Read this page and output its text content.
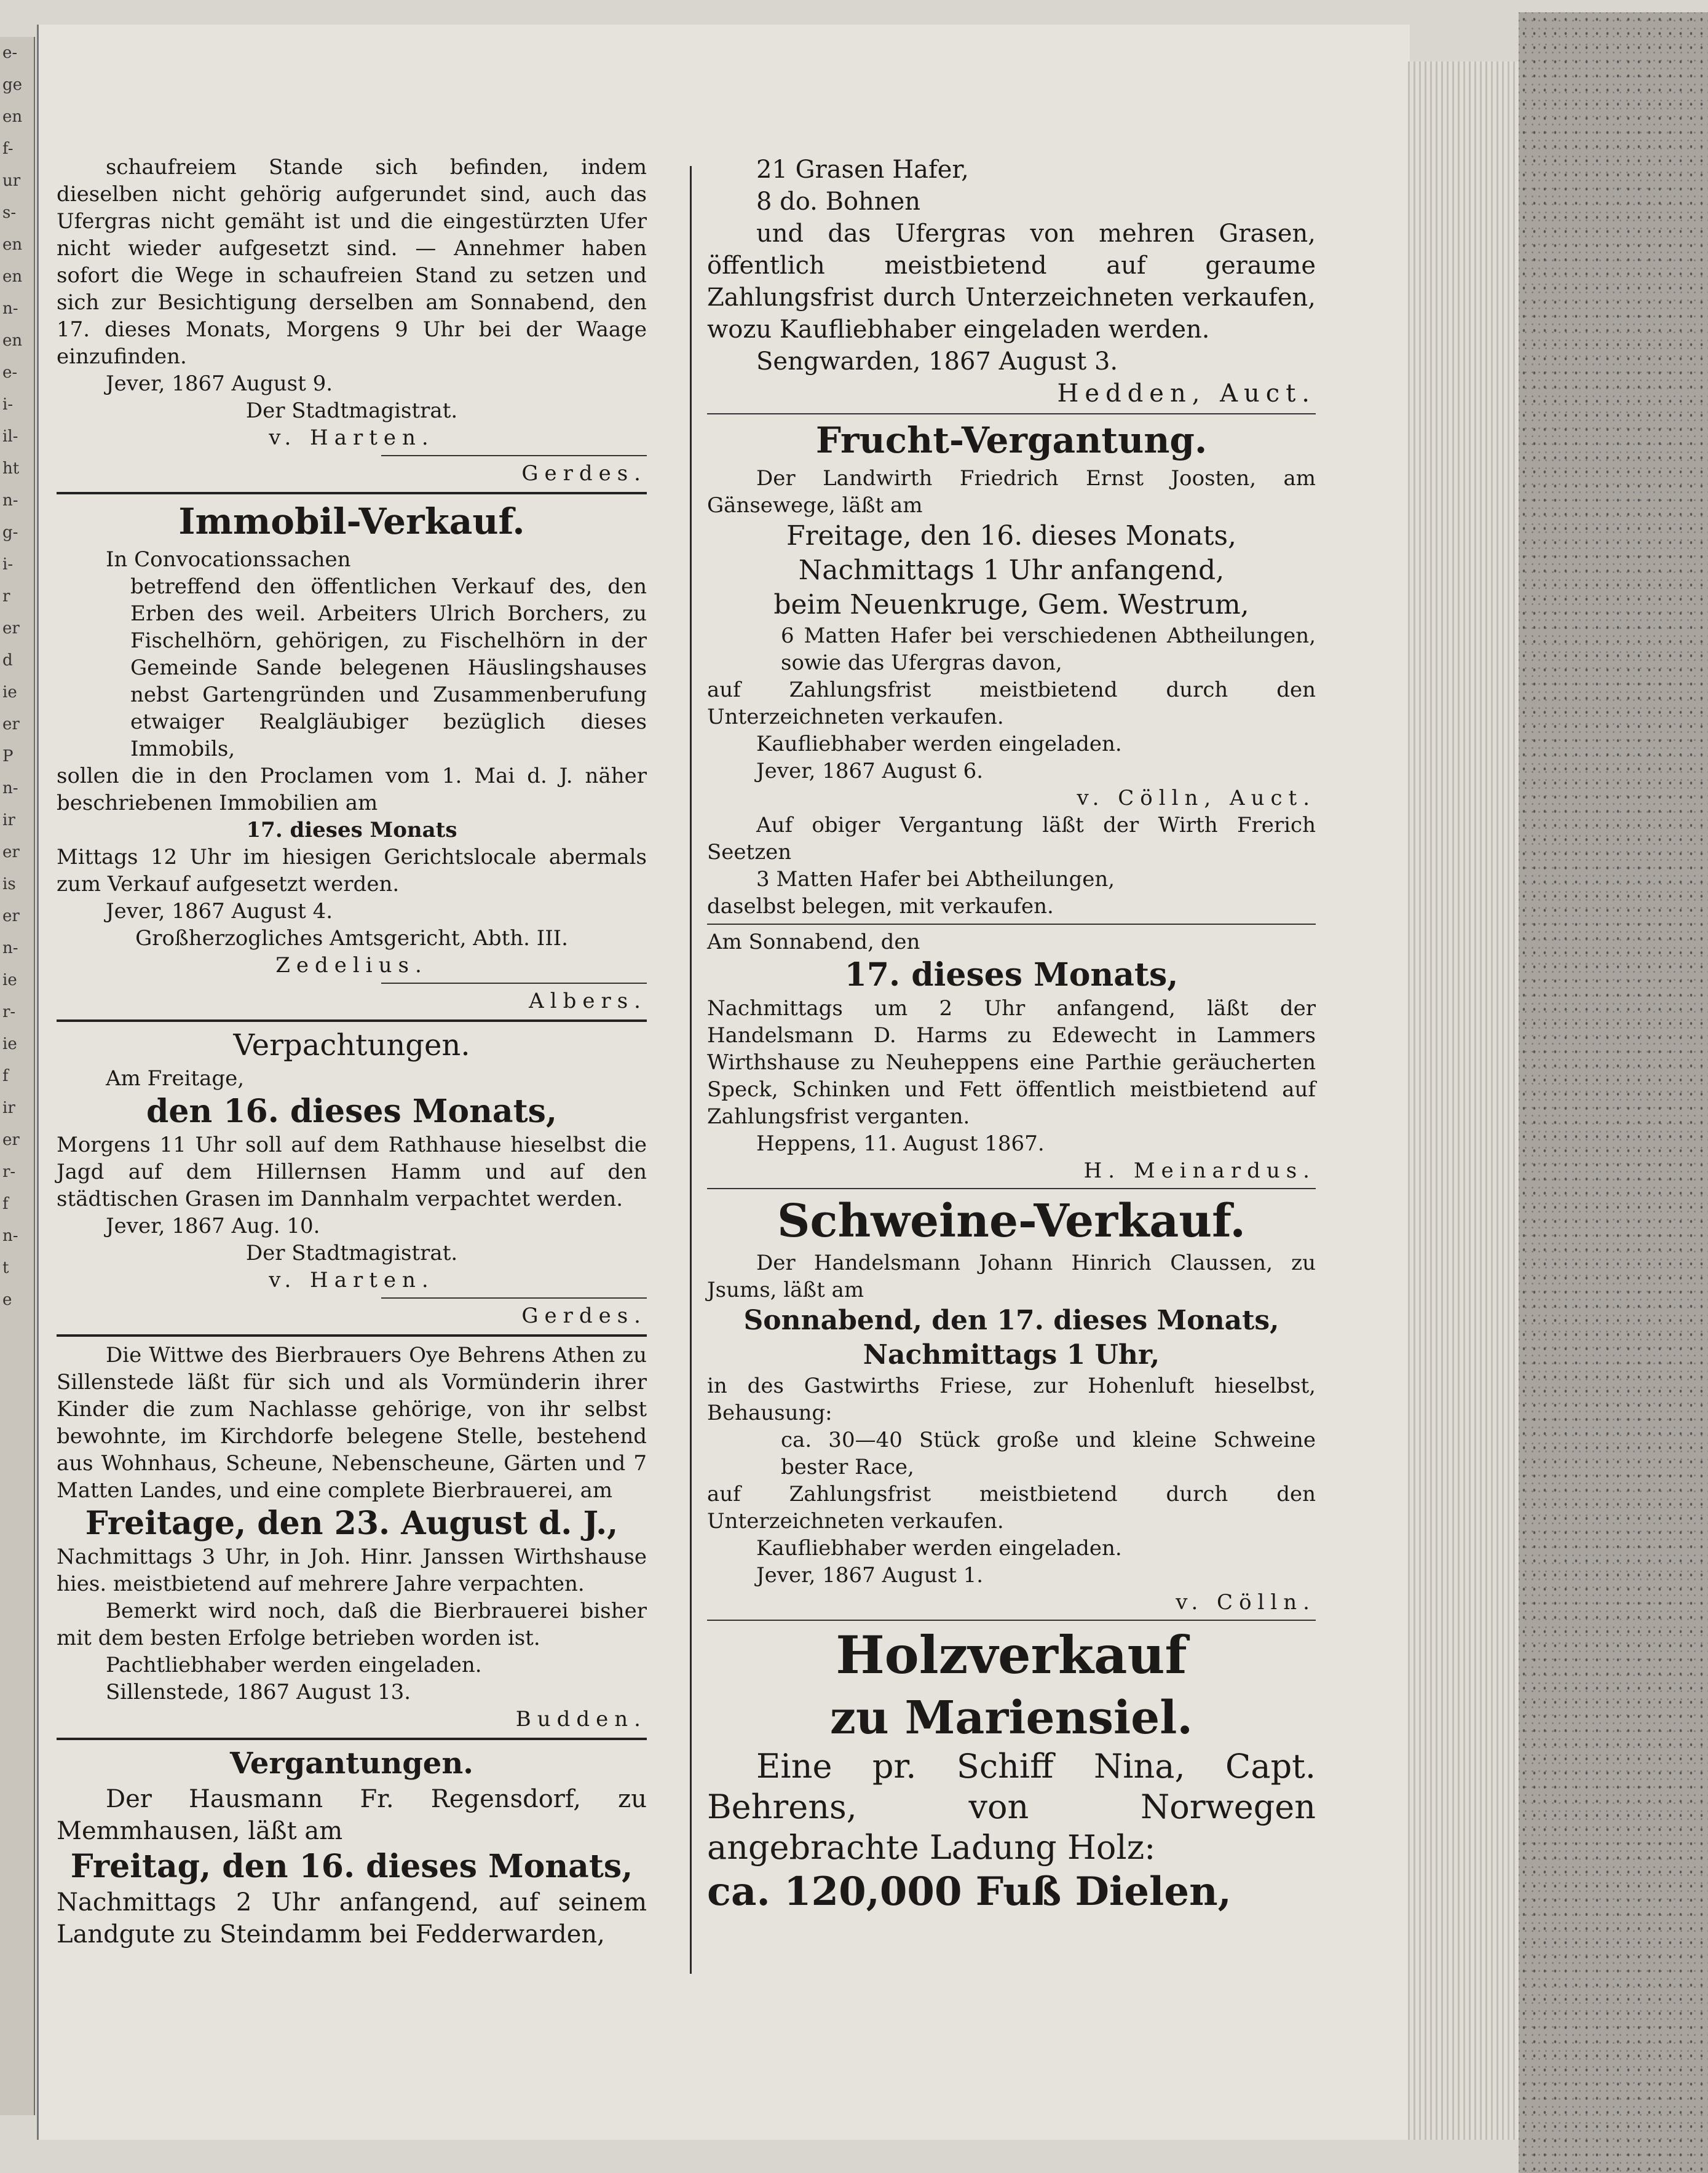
e-
ge
en
f-
ur
s-
en
en
n-
en
e-
i-
il-
ht
n-
g-
i-
r
er
d
ie
er
P
n-
ir
er
is
er
n-
ie
r-
ie
f
ir
er
r-
f
n-
t
e

schaufreiem Stande sich befinden, indem dieselben nicht gehörig aufgerundet sind, auch das Ufergras nicht gemäht ist und die eingestürzten Ufer nicht wieder aufgesetzt sind. — Annehmer haben sofort die Wege in schaufreien Stand zu setzen und sich zur Besichtigung derselben am Sonnabend, den 17. dieses Monats, Morgens 9 Uhr bei der Waage einzufinden.

Jever, 1867 August 9.

Der Stadtmagistrat.

v. Harten.

Gerdes.

Immobil-Verkauf.

In Convocationssachen

betreffend den öffentlichen Verkauf des, den Erben des weil. Arbeiters Ulrich Borchers, zu Fischelhörn, gehörigen, zu Fischelhörn in der Gemeinde Sande belegenen Häuslingshauses nebst Gartengründen und Zusammenberufung etwaiger Realgläubiger bezüglich dieses Immobils,

sollen die in den Proclamen vom 1. Mai d. J. näher beschriebenen Immobilien am

17. dieses Monats

Mittags 12 Uhr im hiesigen Gerichtslocale abermals zum Verkauf aufgesetzt werden.

Jever, 1867 August 4.

Großherzogliches Amtsgericht, Abth. III.

Zedelius.

Albers.

Verpachtungen.

Am Freitage,

den 16. dieses Monats,

Morgens 11 Uhr soll auf dem Rathhause hieselbst die Jagd auf dem Hillernsen Hamm und auf den städtischen Grasen im Dannhalm verpachtet werden.

Jever, 1867 Aug. 10.

Der Stadtmagistrat.

v. Harten.

Gerdes.

Die Wittwe des Bierbrauers Oye Behrens Athen zu Sillenstede läßt für sich und als Vormünderin ihrer Kinder die zum Nachlasse gehörige, von ihr selbst bewohnte, im Kirchdorfe belegene Stelle, bestehend aus Wohnhaus, Scheune, Nebenscheune, Gärten und 7 Matten Landes, und eine complete Bierbrauerei, am

Freitage, den 23. August d. J.,

Nachmittags 3 Uhr, in Joh. Hinr. Janssen Wirthshause hies. meistbietend auf mehrere Jahre verpachten.

Bemerkt wird noch, daß die Bierbrauerei bisher mit dem besten Erfolge betrieben worden ist.

Pachtliebhaber werden eingeladen.

Sillenstede, 1867 August 13.

Budden.

Vergantungen.

Der Hausmann Fr. Regensdorf, zu Memmhausen, läßt am

Freitag, den 16. dieses Monats,

Nachmittags 2 Uhr anfangend, auf seinem Landgute zu Steindamm bei Fedderwarden,

21 Grasen Hafer,

8 do. Bohnen

und das Ufergras von mehren Grasen, öffentlich meistbietend auf geraume Zahlungsfrist durch Unterzeichneten verkaufen, wozu Kaufliebhaber eingeladen werden.

Sengwarden, 1867 August 3.

Hedden, Auct.

Frucht-Vergantung.

Der Landwirth Friedrich Ernst Joosten, am Gänsewege, läßt am

Freitage, den 16. dieses Monats,
Nachmittags 1 Uhr anfangend,
beim Neuenkruge, Gem. Westrum,

6 Matten Hafer bei verschiedenen Abtheilungen, sowie das Ufergras davon,

auf Zahlungsfrist meistbietend durch den Unterzeichneten verkaufen.

Kaufliebhaber werden eingeladen.

Jever, 1867 August 6.

v. Cölln, Auct.

Auf obiger Vergantung läßt der Wirth Frerich Seetzen

3 Matten Hafer bei Abtheilungen,

daselbst belegen, mit verkaufen.

Am Sonnabend, den

17. dieses Monats,

Nachmittags um 2 Uhr anfangend, läßt der Handelsmann D. Harms zu Edewecht in Lammers Wirthshause zu Neuheppens eine Parthie geräucherten Speck, Schinken und Fett öffentlich meistbietend auf Zahlungsfrist verganten.

Heppens, 11. August 1867.

H. Meinardus.

Schweine-Verkauf.

Der Handelsmann Johann Hinrich Claussen, zu Jsums, läßt am

Sonnabend, den 17. dieses Monats,
Nachmittags 1 Uhr,

in des Gastwirths Friese, zur Hohenluft hieselbst, Behausung:

ca. 30—40 Stück große und kleine Schweine bester Race,

auf Zahlungsfrist meistbietend durch den Unterzeichneten verkaufen.

Kaufliebhaber werden eingeladen.

Jever, 1867 August 1.

v. Cölln.

Holzverkauf
zu Mariensiel.

Eine pr. Schiff Nina, Capt. Behrens, von Norwegen angebrachte Ladung Holz:

ca. 120,000 Fuß Dielen,
